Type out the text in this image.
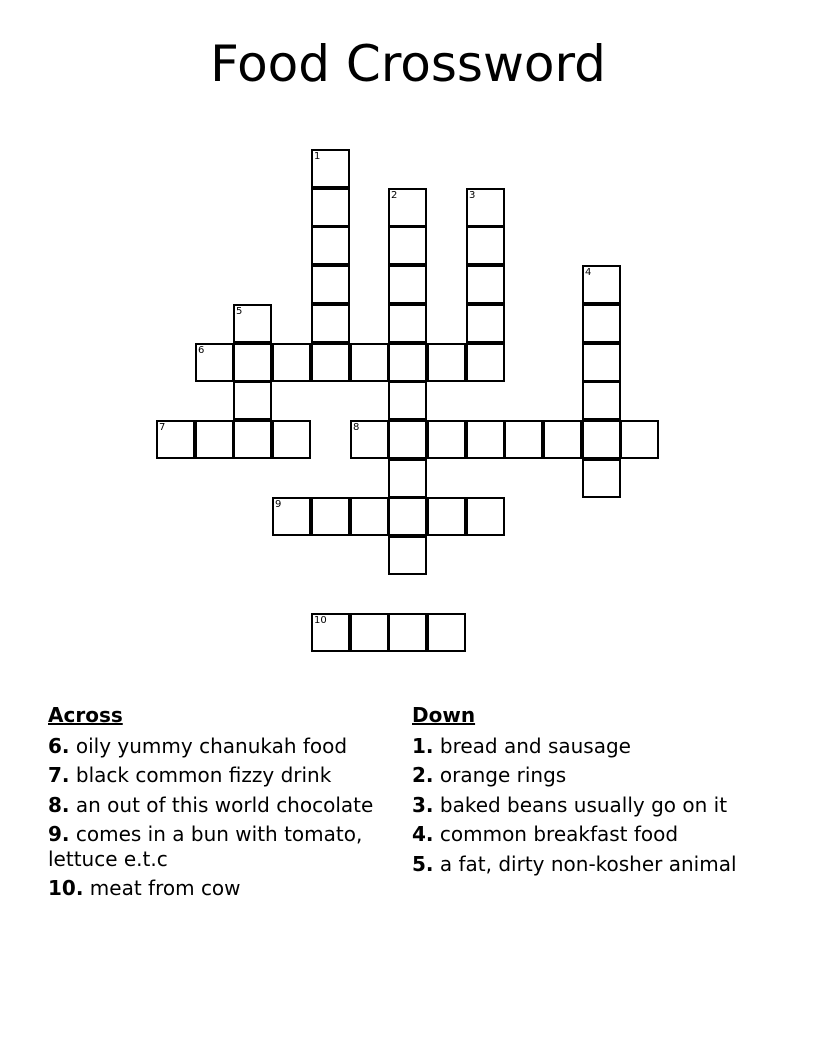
Food Crossword
1
2	3
4
5
6
7	8
9
10
Across
6. oily yummy chanukah food
7. black common fizzy drink
8. an out of this world chocolate
9. comes in a bun with tomato, lettuce e.t.c
10. meat from cow
Down
1. bread and sausage
2. orange rings
3. baked beans usually go on it
4. common breakfast food
5. a fat, dirty non-kosher animal
